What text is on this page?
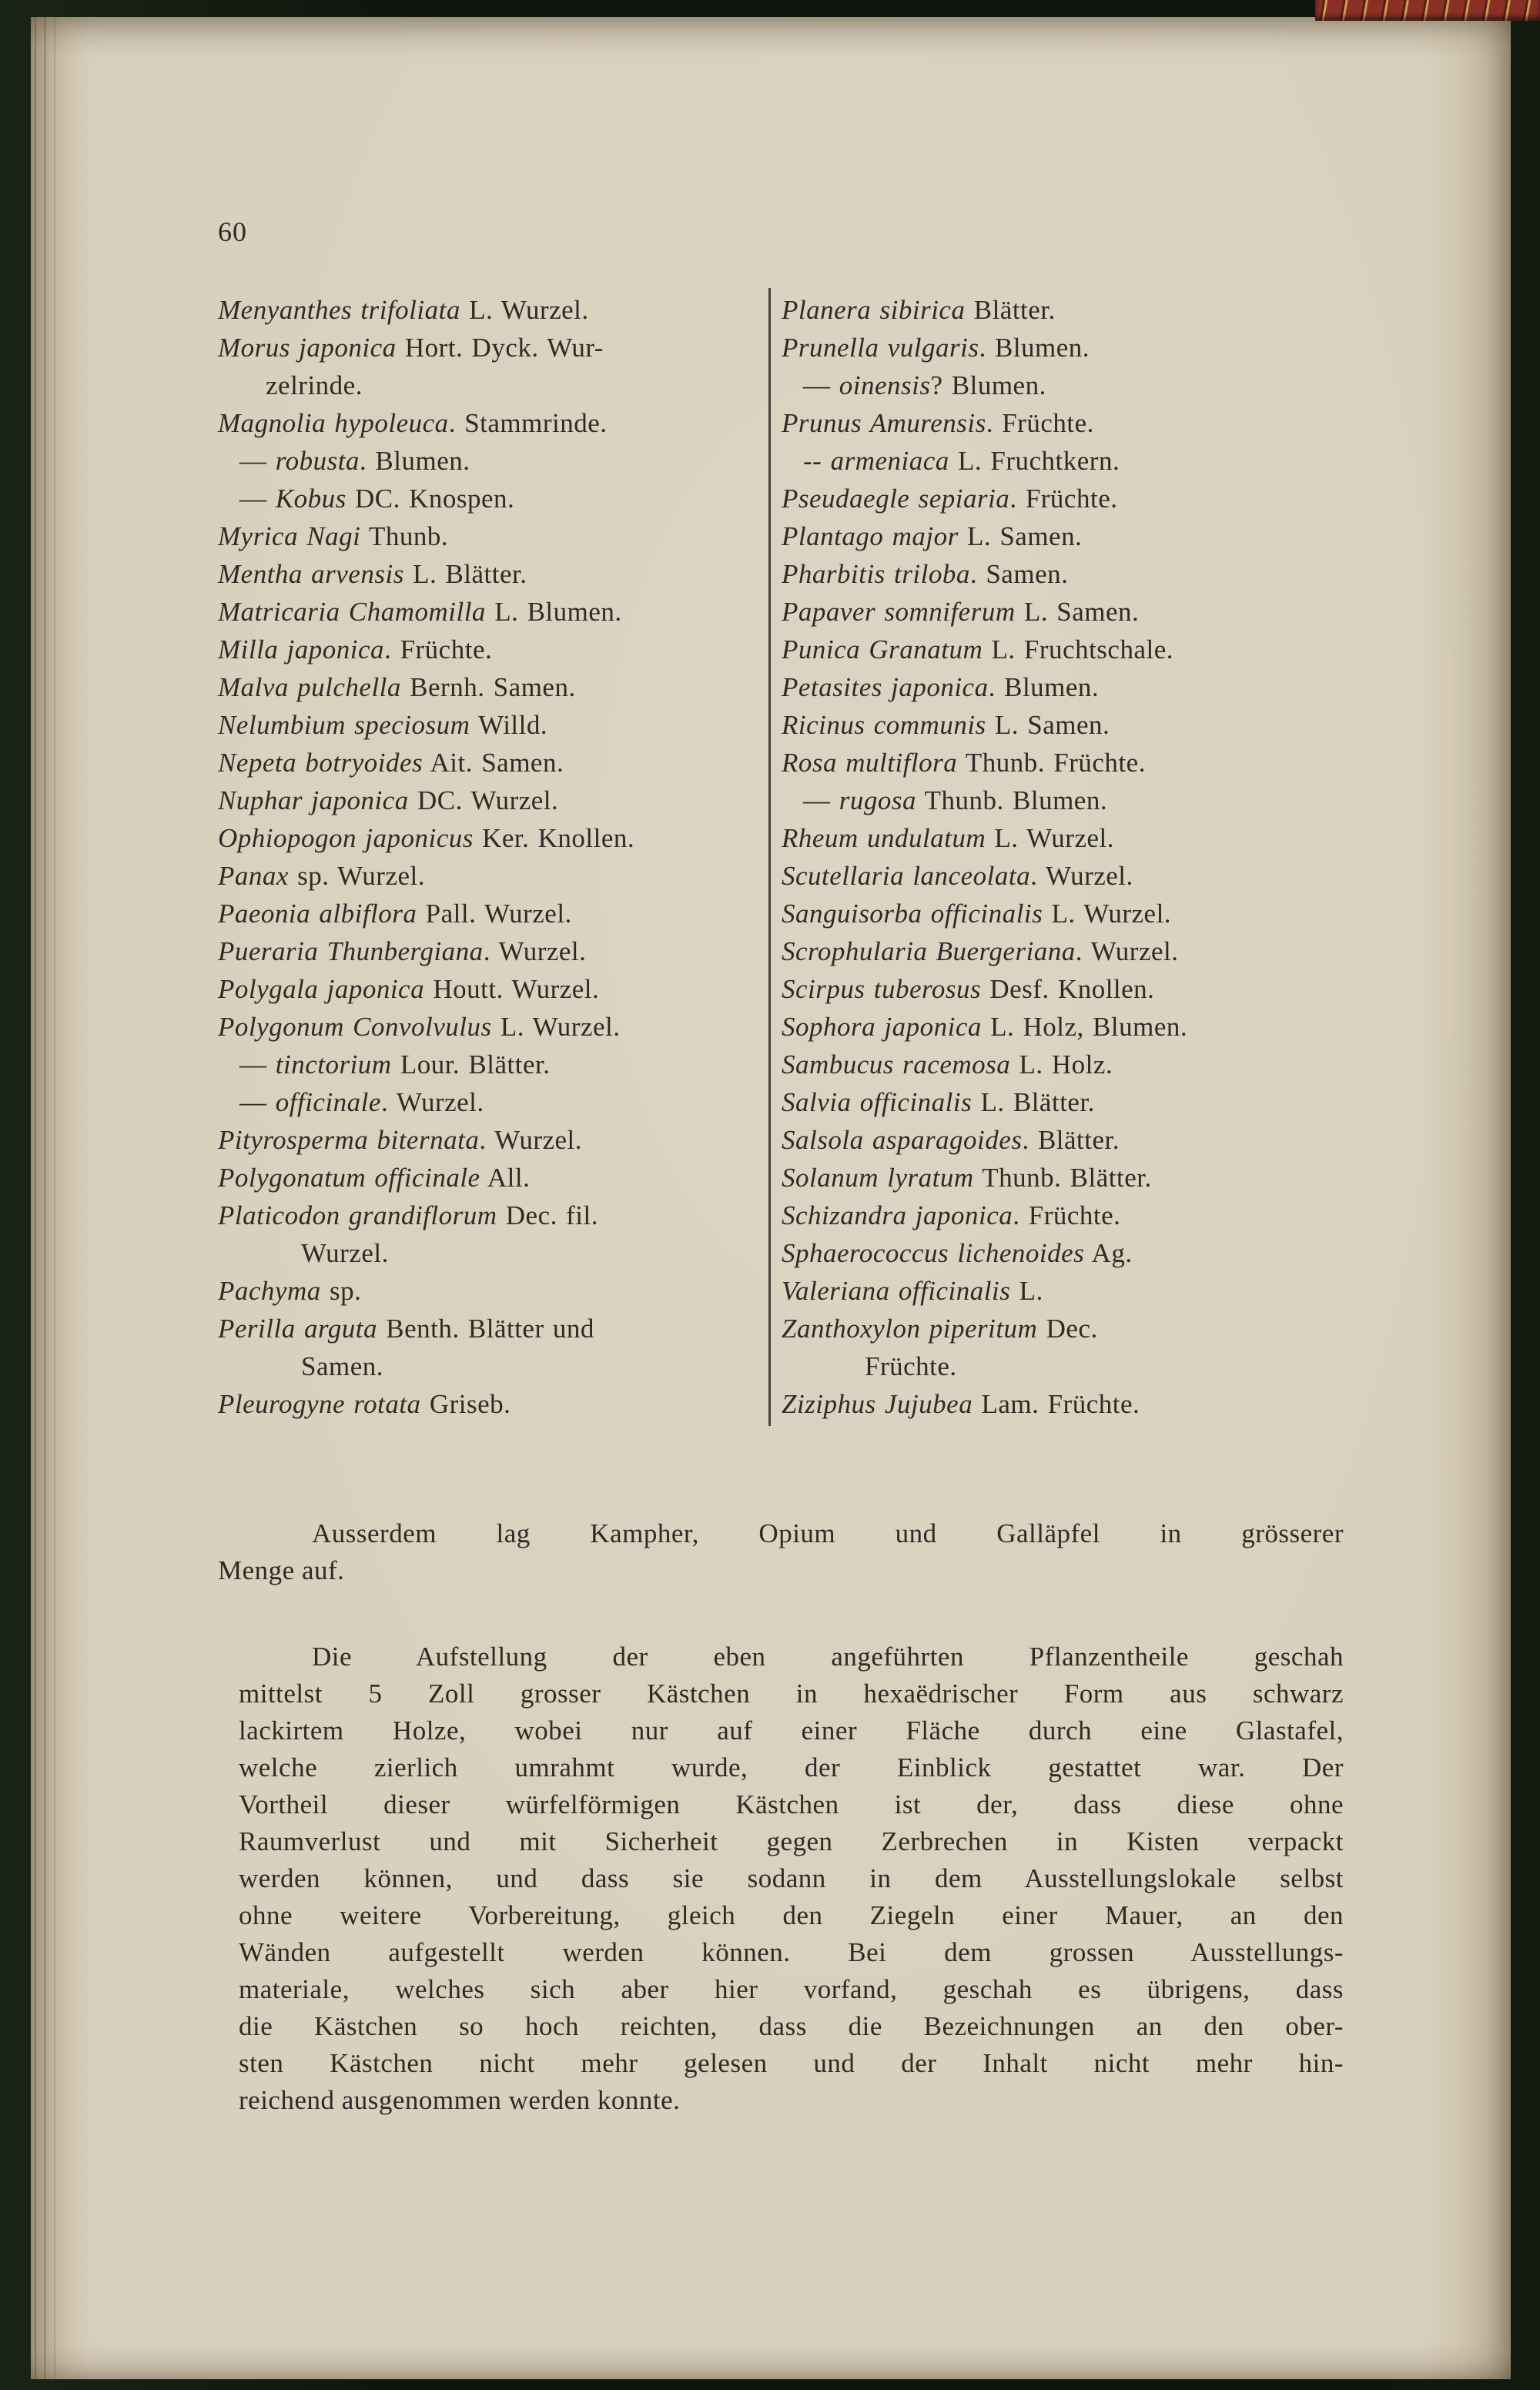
60
Menyanthes trifoliata L. Wurzel.
Morus japonica Hort. Dyck. Wur-
zelrinde.
Magnolia hypoleuca. Stammrinde.
— robusta. Blumen.
— Kobus DC. Knospen.
Myrica Nagi Thunb.
Mentha arvensis L. Blätter.
Matricaria Chamomilla L. Blumen.
Milla japonica. Früchte.
Malva pulchella Bernh. Samen.
Nelumbium speciosum Willd.
Nepeta botryoides Ait. Samen.
Nuphar japonica DC. Wurzel.
Ophiopogon japonicus Ker. Knollen.
Panax sp. Wurzel.
Paeonia albiflora Pall. Wurzel.
Pueraria Thunbergiana. Wurzel.
Polygala japonica Houtt. Wurzel.
Polygonum Convolvulus L. Wurzel.
— tinctorium Lour. Blätter.
— officinale. Wurzel.
Pityrosperma biternata. Wurzel.
Polygonatum officinale All.
Platicodon grandiflorum Dec. fil.
Wurzel.
Pachyma sp.
Perilla arguta Benth. Blätter und
Samen.
Pleurogyne rotata Griseb.
Planera sibirica Blätter.
Prunella vulgaris. Blumen.
— oinensis? Blumen.
Prunus Amurensis. Früchte.
-- armeniaca L. Fruchtkern.
Pseudaegle sepiaria. Früchte.
Plantago major L. Samen.
Pharbitis triloba. Samen.
Papaver somniferum L. Samen.
Punica Granatum L. Fruchtschale.
Petasites japonica. Blumen.
Ricinus communis L. Samen.
Rosa multiflora Thunb. Früchte.
— rugosa Thunb. Blumen.
Rheum undulatum L. Wurzel.
Scutellaria lanceolata. Wurzel.
Sanguisorba officinalis L. Wurzel.
Scrophularia Buergeriana. Wurzel.
Scirpus tuberosus Desf. Knollen.
Sophora japonica L. Holz, Blumen.
Sambucus racemosa L. Holz.
Salvia officinalis L. Blätter.
Salsola asparagoides. Blätter.
Solanum lyratum Thunb. Blätter.
Schizandra japonica. Früchte.
Sphaerococcus lichenoides Ag.
Valeriana officinalis L.
Zanthoxylon piperitum Dec.
Früchte.
Ziziphus Jujubea Lam. Früchte.
Ausserdem lag Kampher, Opium und Galläpfel in grösserer
Menge auf.
Die Aufstellung der eben angeführten Pflanzentheile geschah
mittelst 5 Zoll grosser Kästchen in hexaëdrischer Form aus schwarz
lackirtem Holze, wobei nur auf einer Fläche durch eine Glastafel,
welche zierlich umrahmt wurde, der Einblick gestattet war. Der
Vortheil dieser würfelförmigen Kästchen ist der, dass diese ohne
Raumverlust und mit Sicherheit gegen Zerbrechen in Kisten verpackt
werden können, und dass sie sodann in dem Ausstellungslokale selbst
ohne weitere Vorbereitung, gleich den Ziegeln einer Mauer, an den
Wänden aufgestellt werden können. Bei dem grossen Ausstellungs-
materiale, welches sich aber hier vorfand, geschah es übrigens, dass
die Kästchen so hoch reichten, dass die Bezeichnungen an den ober-
sten Kästchen nicht mehr gelesen und der Inhalt nicht mehr hin-
reichend ausgenommen werden konnte.
